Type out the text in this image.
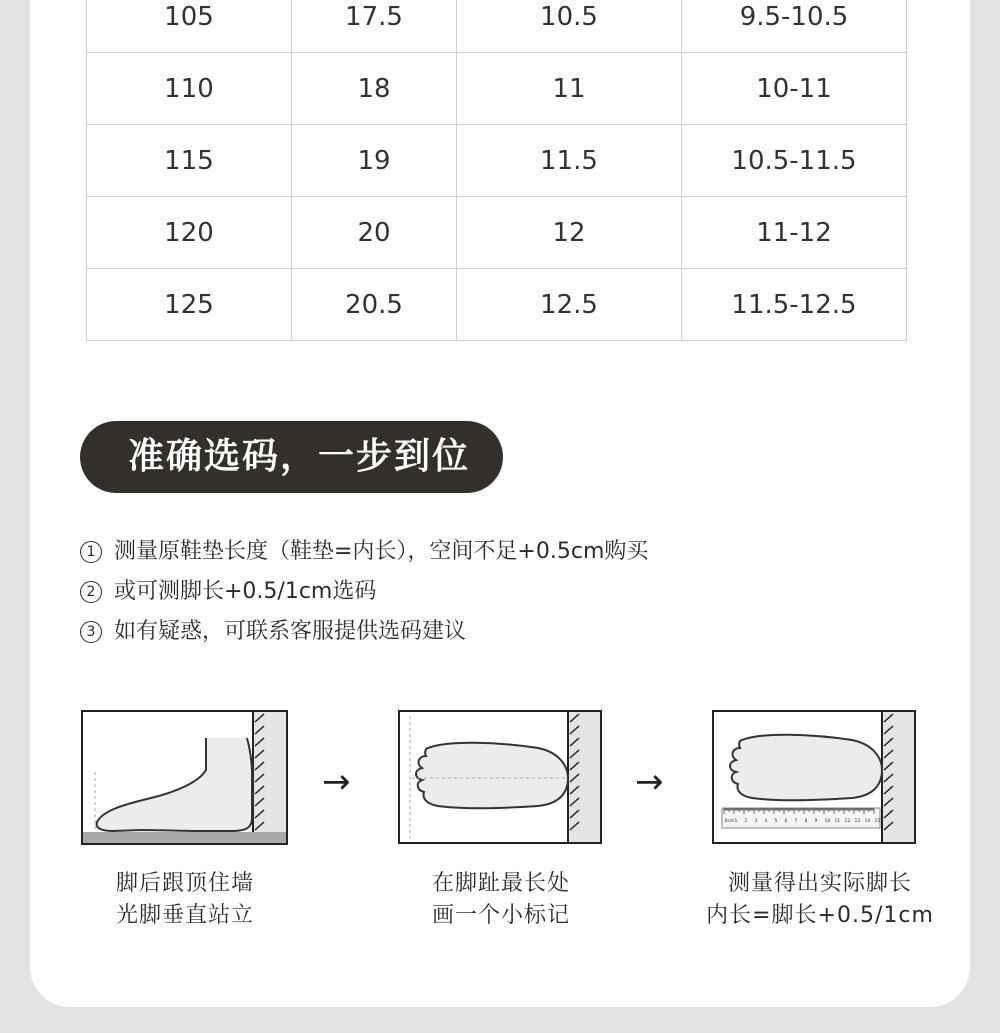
105	17.5	10.5	9.5-10.5
110	18	11	10-11
115	19	11.5	10.5-11.5
120	20	12	11-12
125	20.5	12.5	11.5-12.5
准确选码，一步到位
1 测量原鞋垫长度（鞋垫=内长），空间不足+0.5cm购买
2 或可测脚长+0.5/1cm选码
3 如有疑惑，可联系客服提供选码建议
→	→
0cm 1 2 3 4 5 6 7 8 9 10 11 12 13 14 15
脚后跟顶住墙
光脚垂直站立
在脚趾最长处
画一个小标记
测量得出实际脚长
内长=脚长+0.5/1cm
